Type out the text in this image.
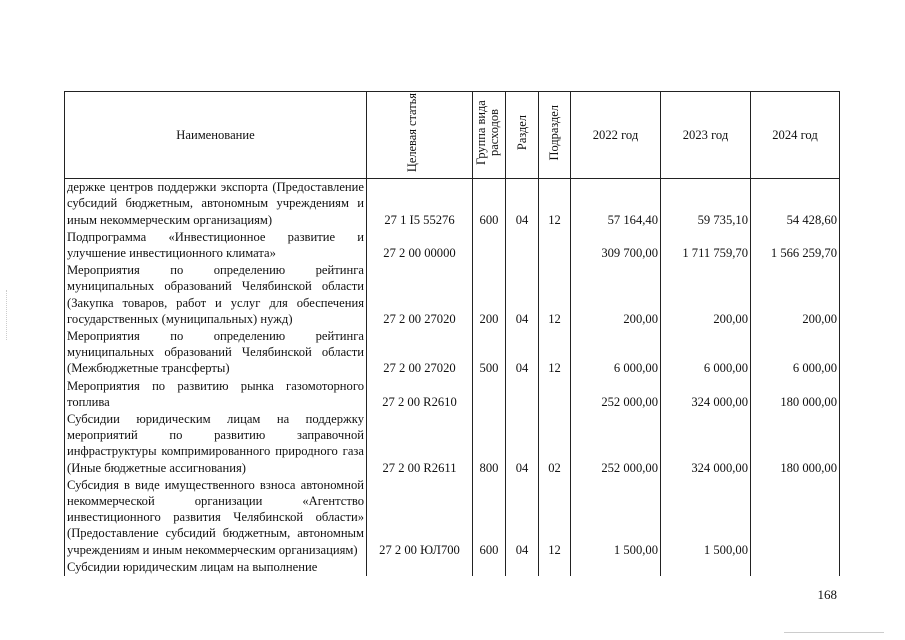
Наименование	Целевая статья	Группа вида расходов	Раздел	Подраздел	2022 год	2023 год	2024 год
держке центров поддержки экспорта (Предоставление субсидий бюджетным, автономным учреждениям и иным некоммерческим организациям)	27 1 I5 55276	600	04	12	57 164,40	59 735,10	54 428,60
Подпрограмма «Инвестиционное развитие и улучшение инвестиционного климата»	27 2 00 00000				309 700,00	1 711 759,70	1 566 259,70
Мероприятия по определению рейтинга муниципальных образований Челябинской области (Закупка товаров, работ и услуг для обеспечения государственных (муниципальных) нужд)	27 2 00 27020	200	04	12	200,00	200,00	200,00
Мероприятия по определению рейтинга муниципальных образований Челябинской области (Межбюджетные трансферты)	27 2 00 27020	500	04	12	6 000,00	6 000,00	6 000,00
Мероприятия по развитию рынка газомоторного топлива	27 2 00 R2610				252 000,00	324 000,00	180 000,00
Субсидии юридическим лицам на поддержку мероприятий по развитию заправочной инфраструктуры компримированного природного газа (Иные бюджетные ассигнования)	27 2 00 R2611	800	04	02	252 000,00	324 000,00	180 000,00
Субсидия в виде имущественного взноса автономной некоммерческой организации «Агентство инвестиционного развития Челябинской области» (Предоставление субсидий бюджетным, автономным учреждениям и иным некоммерческим организациям)	27 2 00 ЮЛ700	600	04	12	1 500,00	1 500,00	
Субсидии юридическим лицам на выполнение							
168
